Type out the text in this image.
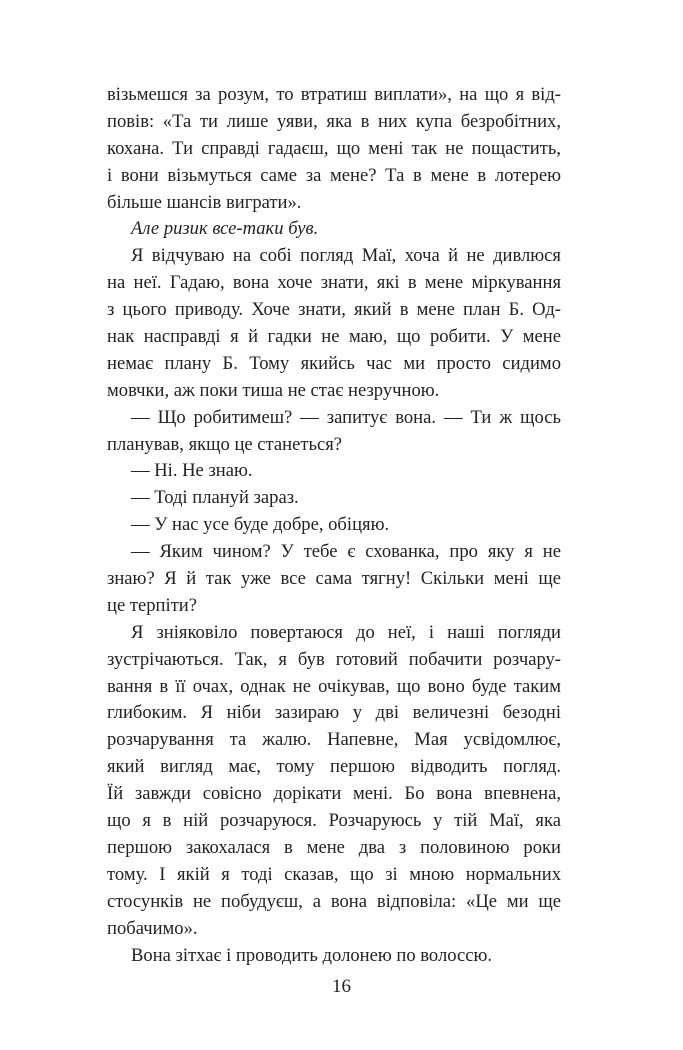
візьмешся за розум, то втратиш виплати», на що я від-
повів: «Та ти лише уяви, яка в них купа безробітних,
кохана. Ти справді гадаєш, що мені так не пощастить,
і вони візьмуться саме за мене? Та в мене в лотерею
більше шансів виграти».
Але ризик все-таки був.
Я відчуваю на собі погляд Маї, хоча й не дивлюся
на неї. Гадаю, вона хоче знати, які в мене міркування
з цього приводу. Хоче знати, який в мене план Б. Од-
нак насправді я й гадки не маю, що робити. У мене
немає плану Б. Тому якийсь час ми просто сидимо
мовчки, аж поки тиша не стає незручною.
— Що робитимеш? — запитує вона. — Ти ж щось
планував, якщо це станеться?
— Ні. Не знаю.
— Тоді плануй зараз.
— У нас усе буде добре, обіцяю.
— Яким чином? У тебе є схованка, про яку я не
знаю? Я й так уже все сама тягну! Скільки мені ще
це терпіти?
Я зніяковіло повертаюся до неї, і наші погляди
зустрічаються. Так, я був готовий побачити розчару-
вання в її очах, однак не очікував, що воно буде таким
глибоким. Я ніби зазираю у дві величезні безодні
розчарування та жалю. Напевне, Мая усвідомлює,
який вигляд має, тому першою відводить погляд.
Їй завжди совісно дорікати мені. Бо вона впевнена,
що я в ній розчаруюся. Розчаруюсь у тій Маї, яка
першою закохалася в мене два з половиною роки
тому. І якій я тоді сказав, що зі мною нормальних
стосунків не побудуєш, а вона відповіла: «Це ми ще
побачимо».
Вона зітхає і проводить долонею по волоссю.
16
